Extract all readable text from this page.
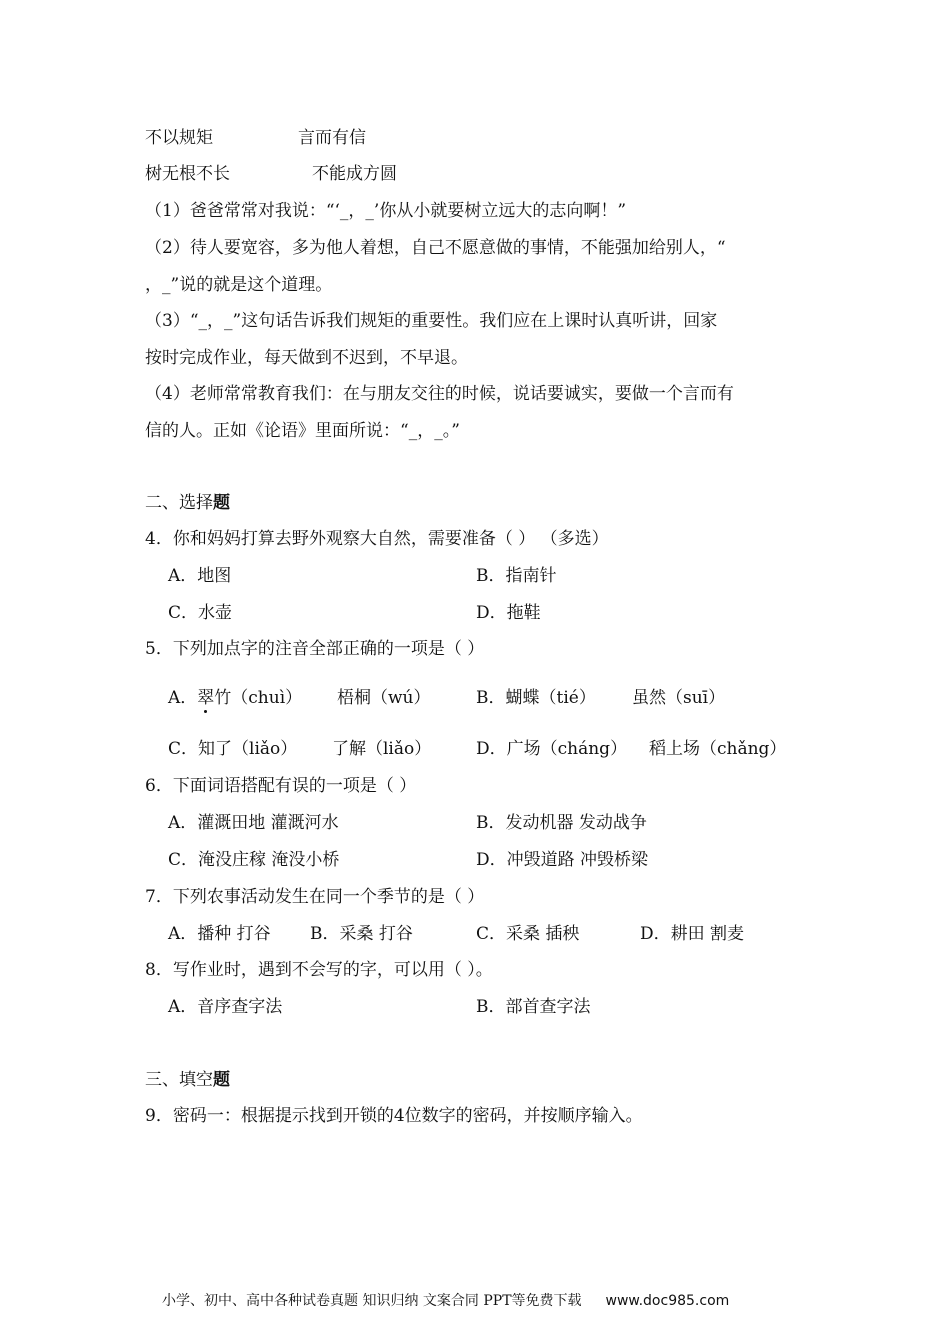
不以规矩	言而有信
树无根不长	不能成方圆
（1）爸爸常常对我说：“‘_，_’你从小就要树立远大的志向啊！”
（2）待人要宽容，多为他人着想，自己不愿意做的事情，不能强加给别人，“
，_”说的就是这个道理。
（3）“_，_”这句话告诉我们规矩的重要性。我们应在上课时认真听讲，回家
按时完成作业，每天做到不迟到，不早退。
（4）老师常常教育我们：在与朋友交往的时候，说话要诚实，要做一个言而有
信的人。正如《论语》里面所说：“_，_。”
二、选择题
4．你和妈妈打算去野外观察大自然，需要准备（ ） （多选）
A．地图	B．指南针
C．水壶	D．拖鞋
5．下列加点字的注音全部正确的一项是（ ）
A．翠竹（chuì） 梧桐（wú）	B．蝴蝶（tié） 虽然（suī）
C．知了（liǎo） 了解（liǎo）	D．广场（cháng） 稻上场（chǎng）
6．下面词语搭配有误的一项是（ ）
A．灌溉田地 灌溉河水	B．发动机器 发动战争
C．淹没庄稼 淹没小桥	D．冲毁道路 冲毁桥梁
7．下列农事活动发生在同一个季节的是（ ）
A．播种 打谷 B．采桑 打谷	C．采桑 插秧	D．耕田 割麦
8．写作业时，遇到不会写的字，可以用（ ）。
A．音序查字法	B．部首查字法
三、填空题
9．密码一：根据提示找到开锁的4位数字的密码，并按顺序输入。
小学、初中、高中各种试卷真题 知识归纳 文案合同 PPT等免费下载 www.doc985.com
